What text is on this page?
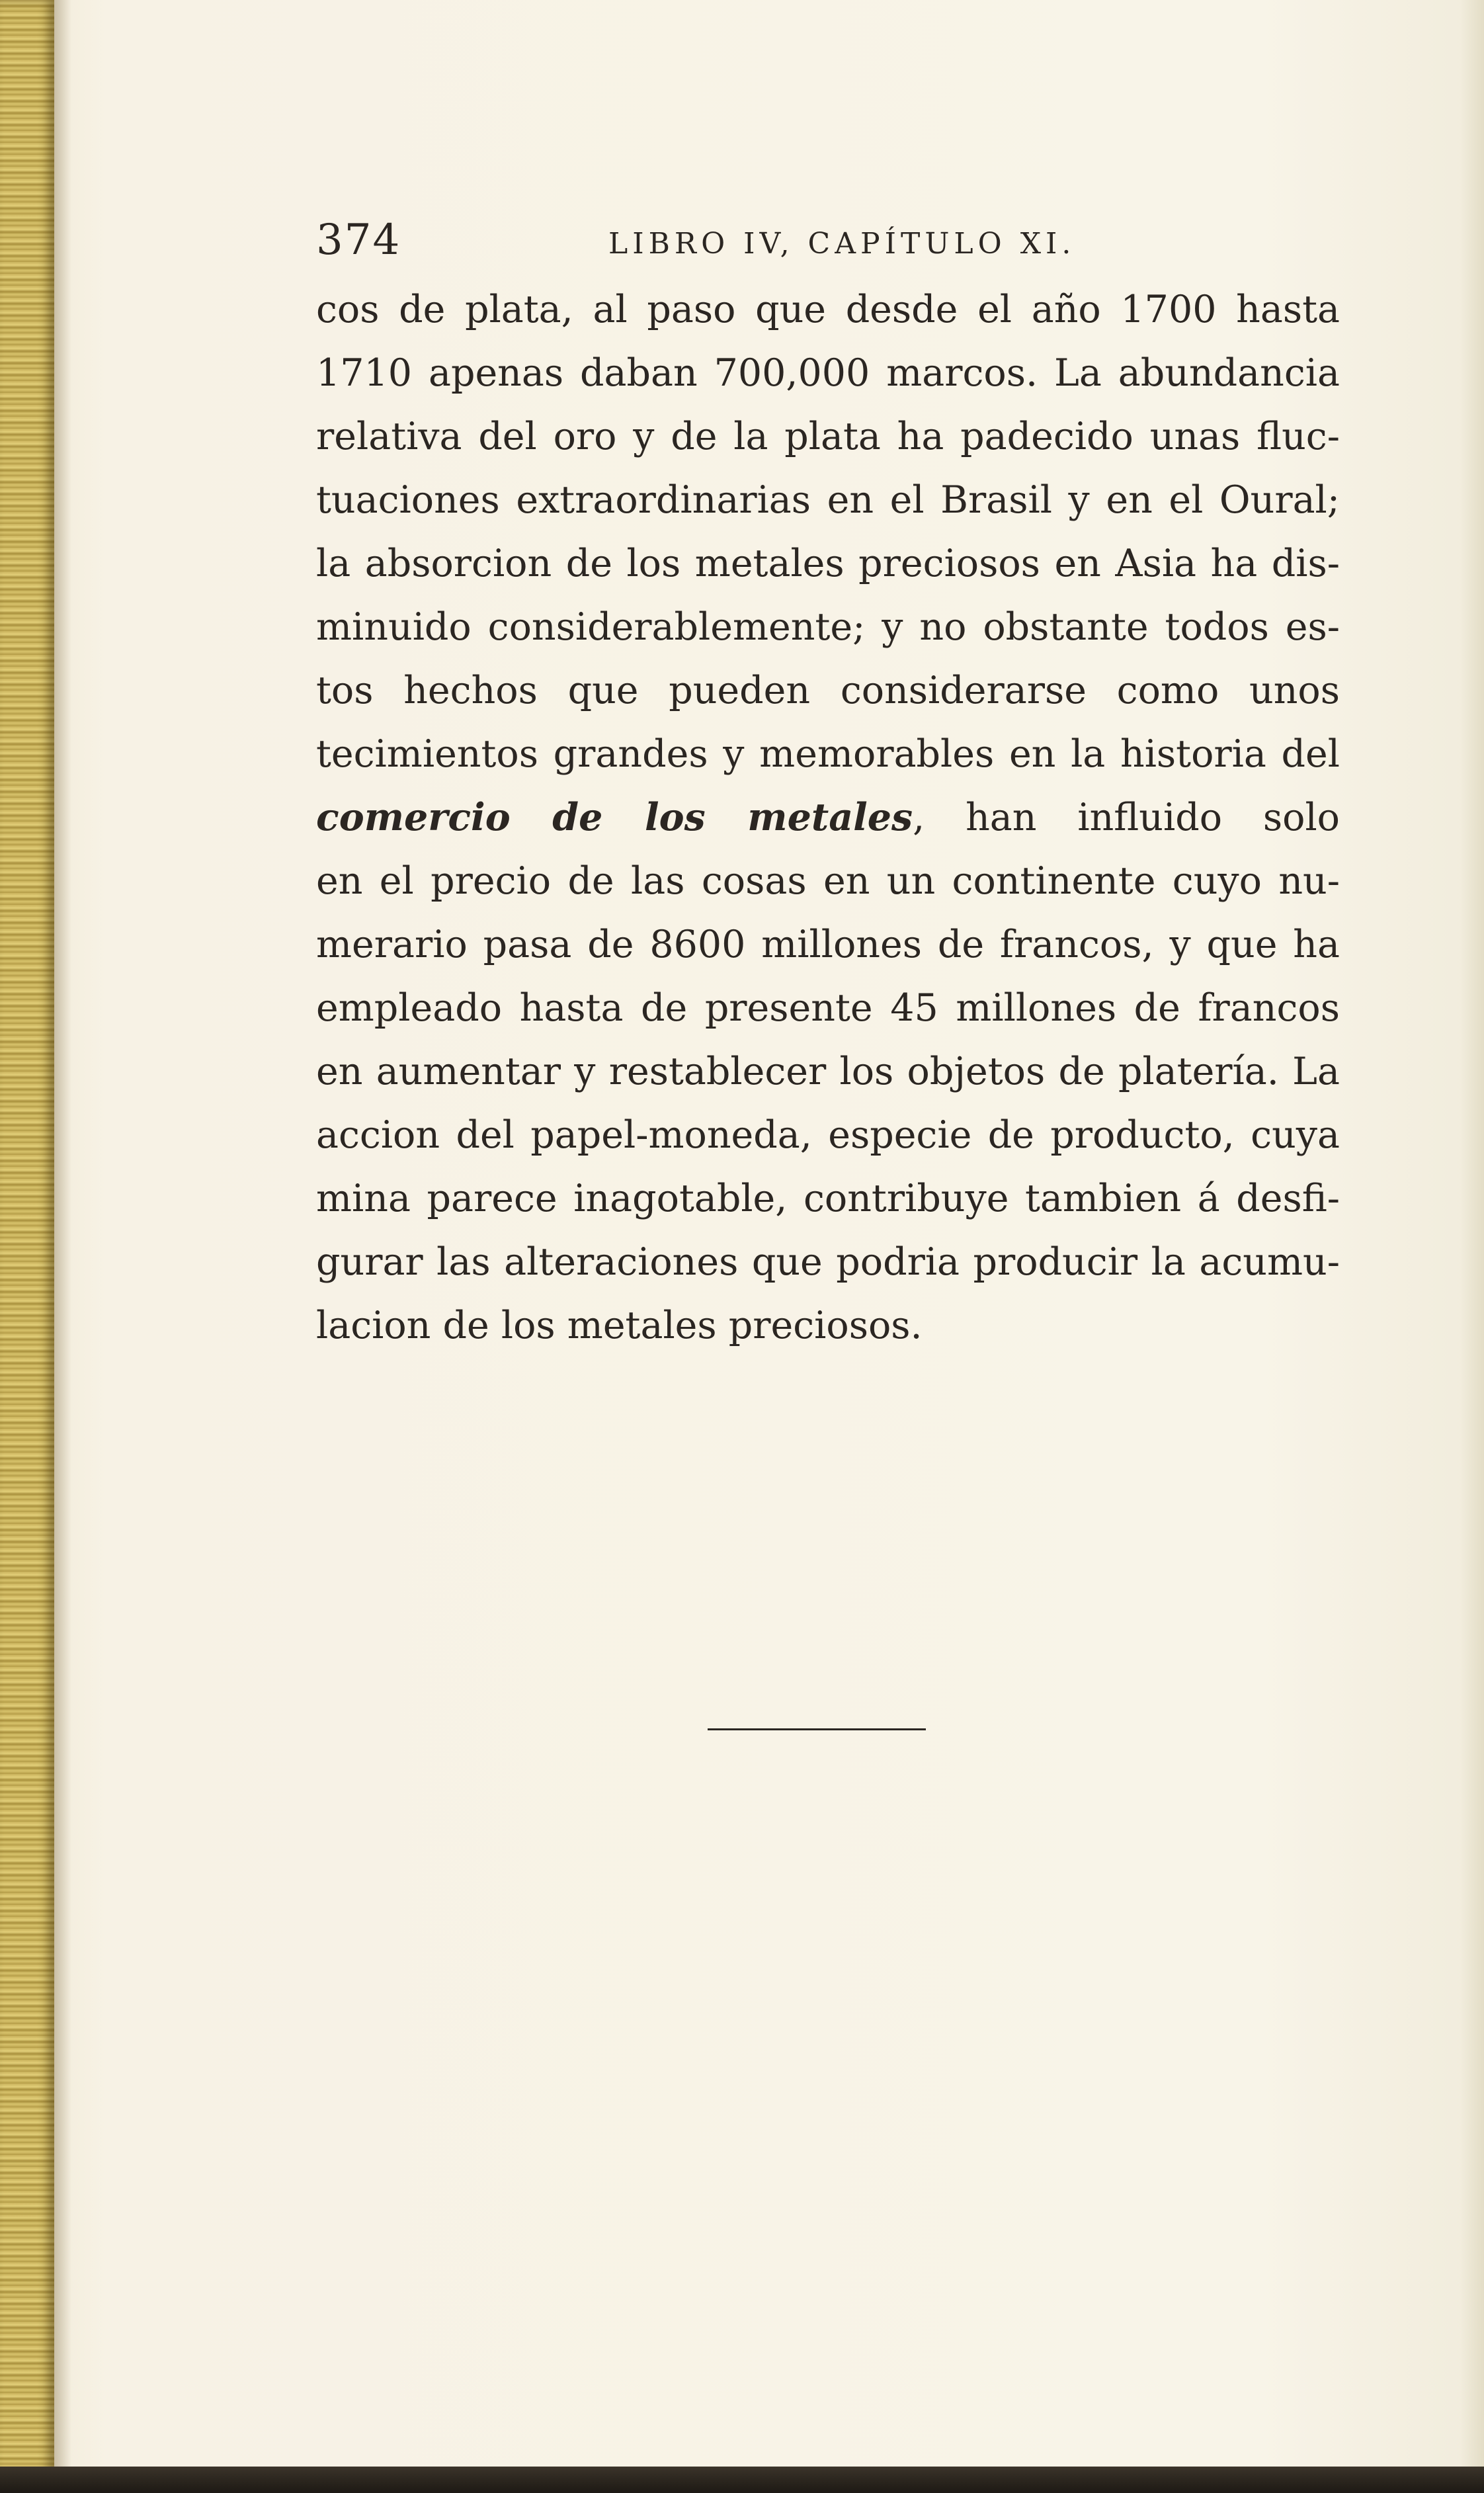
374	LIBRO IV, CAPÍTULO XI.
cos de plata, al paso que desde el año 1700 hasta
1710 apenas daban 700,000 marcos. La abundancia
relativa del oro y de la plata ha padecido unas fluc-
tuaciones extraordinarias en el Brasil y en el Oural;
la absorcion de los metales preciosos en Asia ha dis-
minuido considerablemente; y no obstante todos es-
tos hechos que pueden considerarse como unos
tecimientos grandes y memorables en la historia del
comercio de los metales, han influido solo
en el precio de las cosas en un continente cuyo nu-
merario pasa de 8600 millones de francos, y que ha
empleado hasta de presente 45 millones de francos
en aumentar y restablecer los objetos de platería. La
accion del papel-moneda, especie de producto, cuya
mina parece inagotable, contribuye tambien á desfi-
gurar las alteraciones que podria producir la acumu-
lacion de los metales preciosos.
